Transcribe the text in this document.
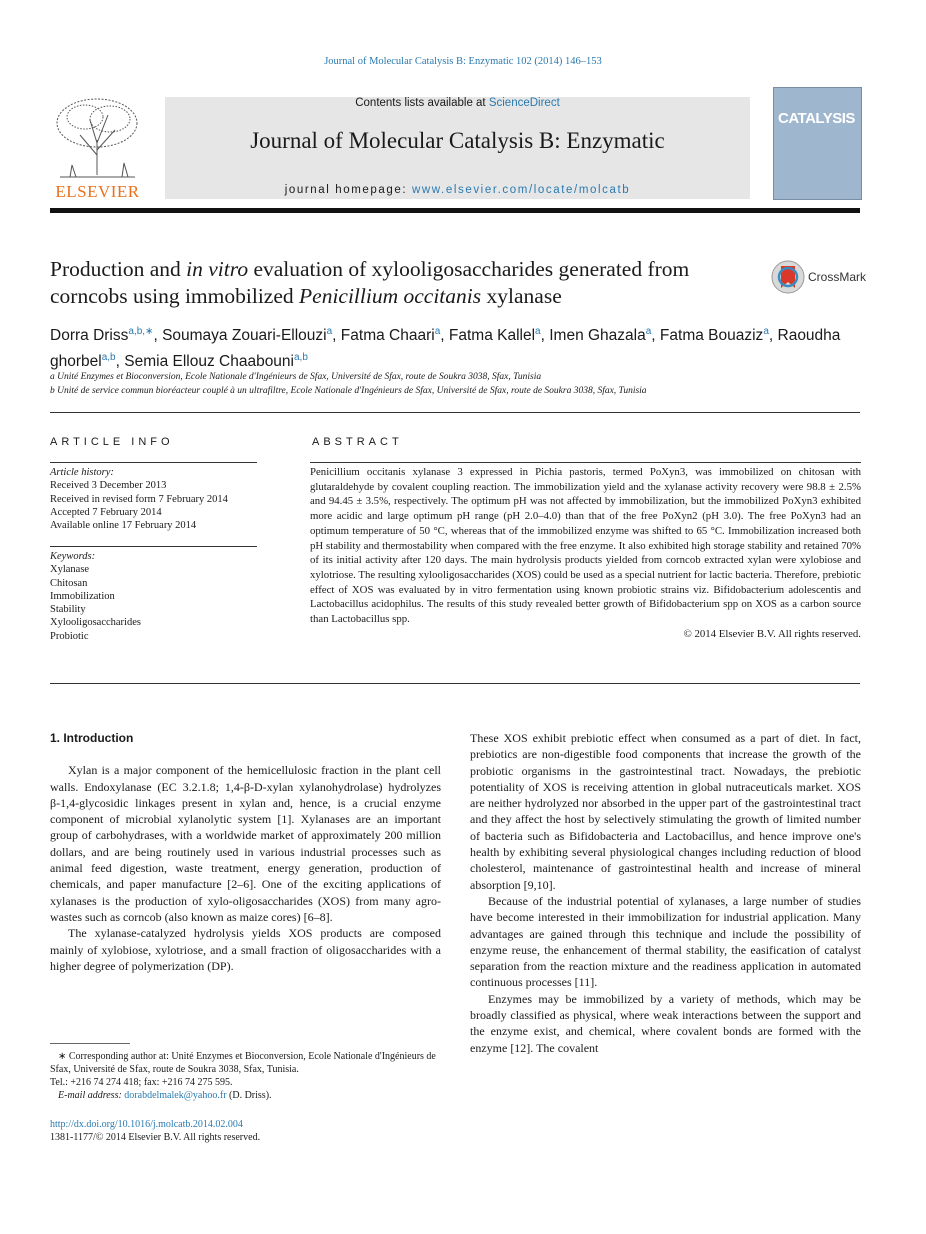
Journal of Molecular Catalysis B: Enzymatic 102 (2014) 146–153
ELSEVIER
Contents lists available at ScienceDirect
Journal of Molecular Catalysis B: Enzymatic
journal homepage: www.elsevier.com/locate/molcatb
CATALYSIS
Production and in vitro evaluation of xylooligosaccharides generated from corncobs using immobilized Penicillium occitanis xylanase
CrossMark
Dorra Driss$^{a,b,∗}$, Soumaya Zouari-Ellouzi$^a$, Fatma Chaari$^a$, Fatma Kallel$^a$, Imen Ghazala$^a$, Fatma Bouaziz$^a$, Raoudha ghorbel$^{a,b}$, Semia Ellouz Chaabouni$^{a,b}$
a Unité Enzymes et Bioconversion, Ecole Nationale d'Ingénieurs de Sfax, Université de Sfax, route de Soukra 3038, Sfax, Tunisia
b Unité de service commun bioréacteur couplé à un ultrafiltre, Ecole Nationale d'Ingénieurs de Sfax, Université de Sfax, route de Soukra 3038, Sfax, Tunisia
ARTICLE INFO
Article history:
Received 3 December 2013
Received in revised form 7 February 2014
Accepted 7 February 2014
Available online 17 February 2014
Keywords:
Xylanase
Chitosan
Immobilization
Stability
Xylooligosaccharides
Probiotic
ABSTRACT
Penicillium occitanis xylanase 3 expressed in Pichia pastoris, termed PoXyn3, was immobilized on chitosan with glutaraldehyde by covalent coupling reaction. The immobilization yield and the xylanase activity recovery were 98.8 ± 2.5% and 94.45 ± 3.5%, respectively. The optimum pH was not affected by immobilization, but the immobilized PoXyn3 exhibited more acidic and large optimum pH range (pH 2.0–4.0) than that of the free PoXyn2 (pH 3.0). The free PoXyn3 had an optimum temperature of 50 °C, whereas that of the immobilized enzyme was shifted to 65 °C. Immobilization increased both pH stability and thermostability when compared with the free enzyme. It also exhibited high storage stability and retained 70% of its initial activity after 120 days. The main hydrolysis products yielded from corncob extracted xylan were xylobiose and xylotriose. The resulting xylooligosaccharides (XOS) could be used as a special nutrient for lactic bacteria. Therefore, prebiotic effect of XOS was evaluated by in vitro fermentation using known probiotic strains viz. Bifidobacterium adolescentis and Lactobacillus acidophilus. The results of this study revealed better growth of Bifidobacterium spp on XOS as a carbon source than Lactobacillus spp.
© 2014 Elsevier B.V. All rights reserved.
1. Introduction

Xylan is a major component of the hemicellulosic fraction in the plant cell walls. Endoxylanase (EC 3.2.1.8; 1,4-β-D-xylan xylanohydrolase) hydrolyzes β-1,4-glycosidic linkages present in xylan and, hence, is a crucial enzyme component of microbial xylanolytic system [1]. Xylanases are an important group of carbohydrases, with a worldwide market of approximately 200 million dollars, and are being routinely used in various industrial processes such as animal feed digestion, waste treatment, energy generation, production of chemicals, and paper manufacture [2–6]. One of the exciting applications of xylanases is the production of xylo-oligosaccharides (XOS) from many agro-wastes such as corncob (also known as maize cores) [6–8].

The xylanase-catalyzed hydrolysis yields XOS products are composed mainly of xylobiose, xylotriose, and a small fraction of oligosaccharides with a higher degree of polymerization (DP).

These XOS exhibit prebiotic effect when consumed as a part of diet. In fact, prebiotics are non-digestible food components that increase the growth of the probiotic organisms in the gastrointestinal tract. Nowadays, the prebiotic potentiality of XOS is receiving attention in global nutraceuticals market. XOS are neither hydrolyzed nor absorbed in the upper part of the gastrointestinal tract and they affect the host by selectively stimulating the growth of limited number of bacteria such as Bifidobacteria and Lactobacillus, and hence improve one's health by exhibiting several physiological changes including reduction of blood cholesterol, maintenance of gastrointestinal health and increase of mineral absorption [9,10].

Because of the industrial potential of xylanases, a large number of studies have become interested in their immobilization for industrial application. Many advantages are gained through this technique and include the possibility of enzyme reuse, the enhancement of thermal stability, the easification of catalyst separation from the reaction mixture and the readiness application in automated continuous processes [11].

Enzymes may be immobilized by a variety of methods, which may be broadly classified as physical, where weak interactions between the support and the enzyme exist, and chemical, where covalent bonds are formed with the enzyme [12]. The covalent

∗ Corresponding author at: Unité Enzymes et Bioconversion, Ecole Nationale d'Ingénieurs de Sfax, Université de Sfax, route de Soukra 3038, Sfax, Tunisia.
Tel.: +216 74 274 418; fax: +216 74 275 595.
E-mail address: dorabdelmalek@yahoo.fr (D. Driss).
http://dx.doi.org/10.1016/j.molcatb.2014.02.004
1381-1177/© 2014 Elsevier B.V. All rights reserved.
